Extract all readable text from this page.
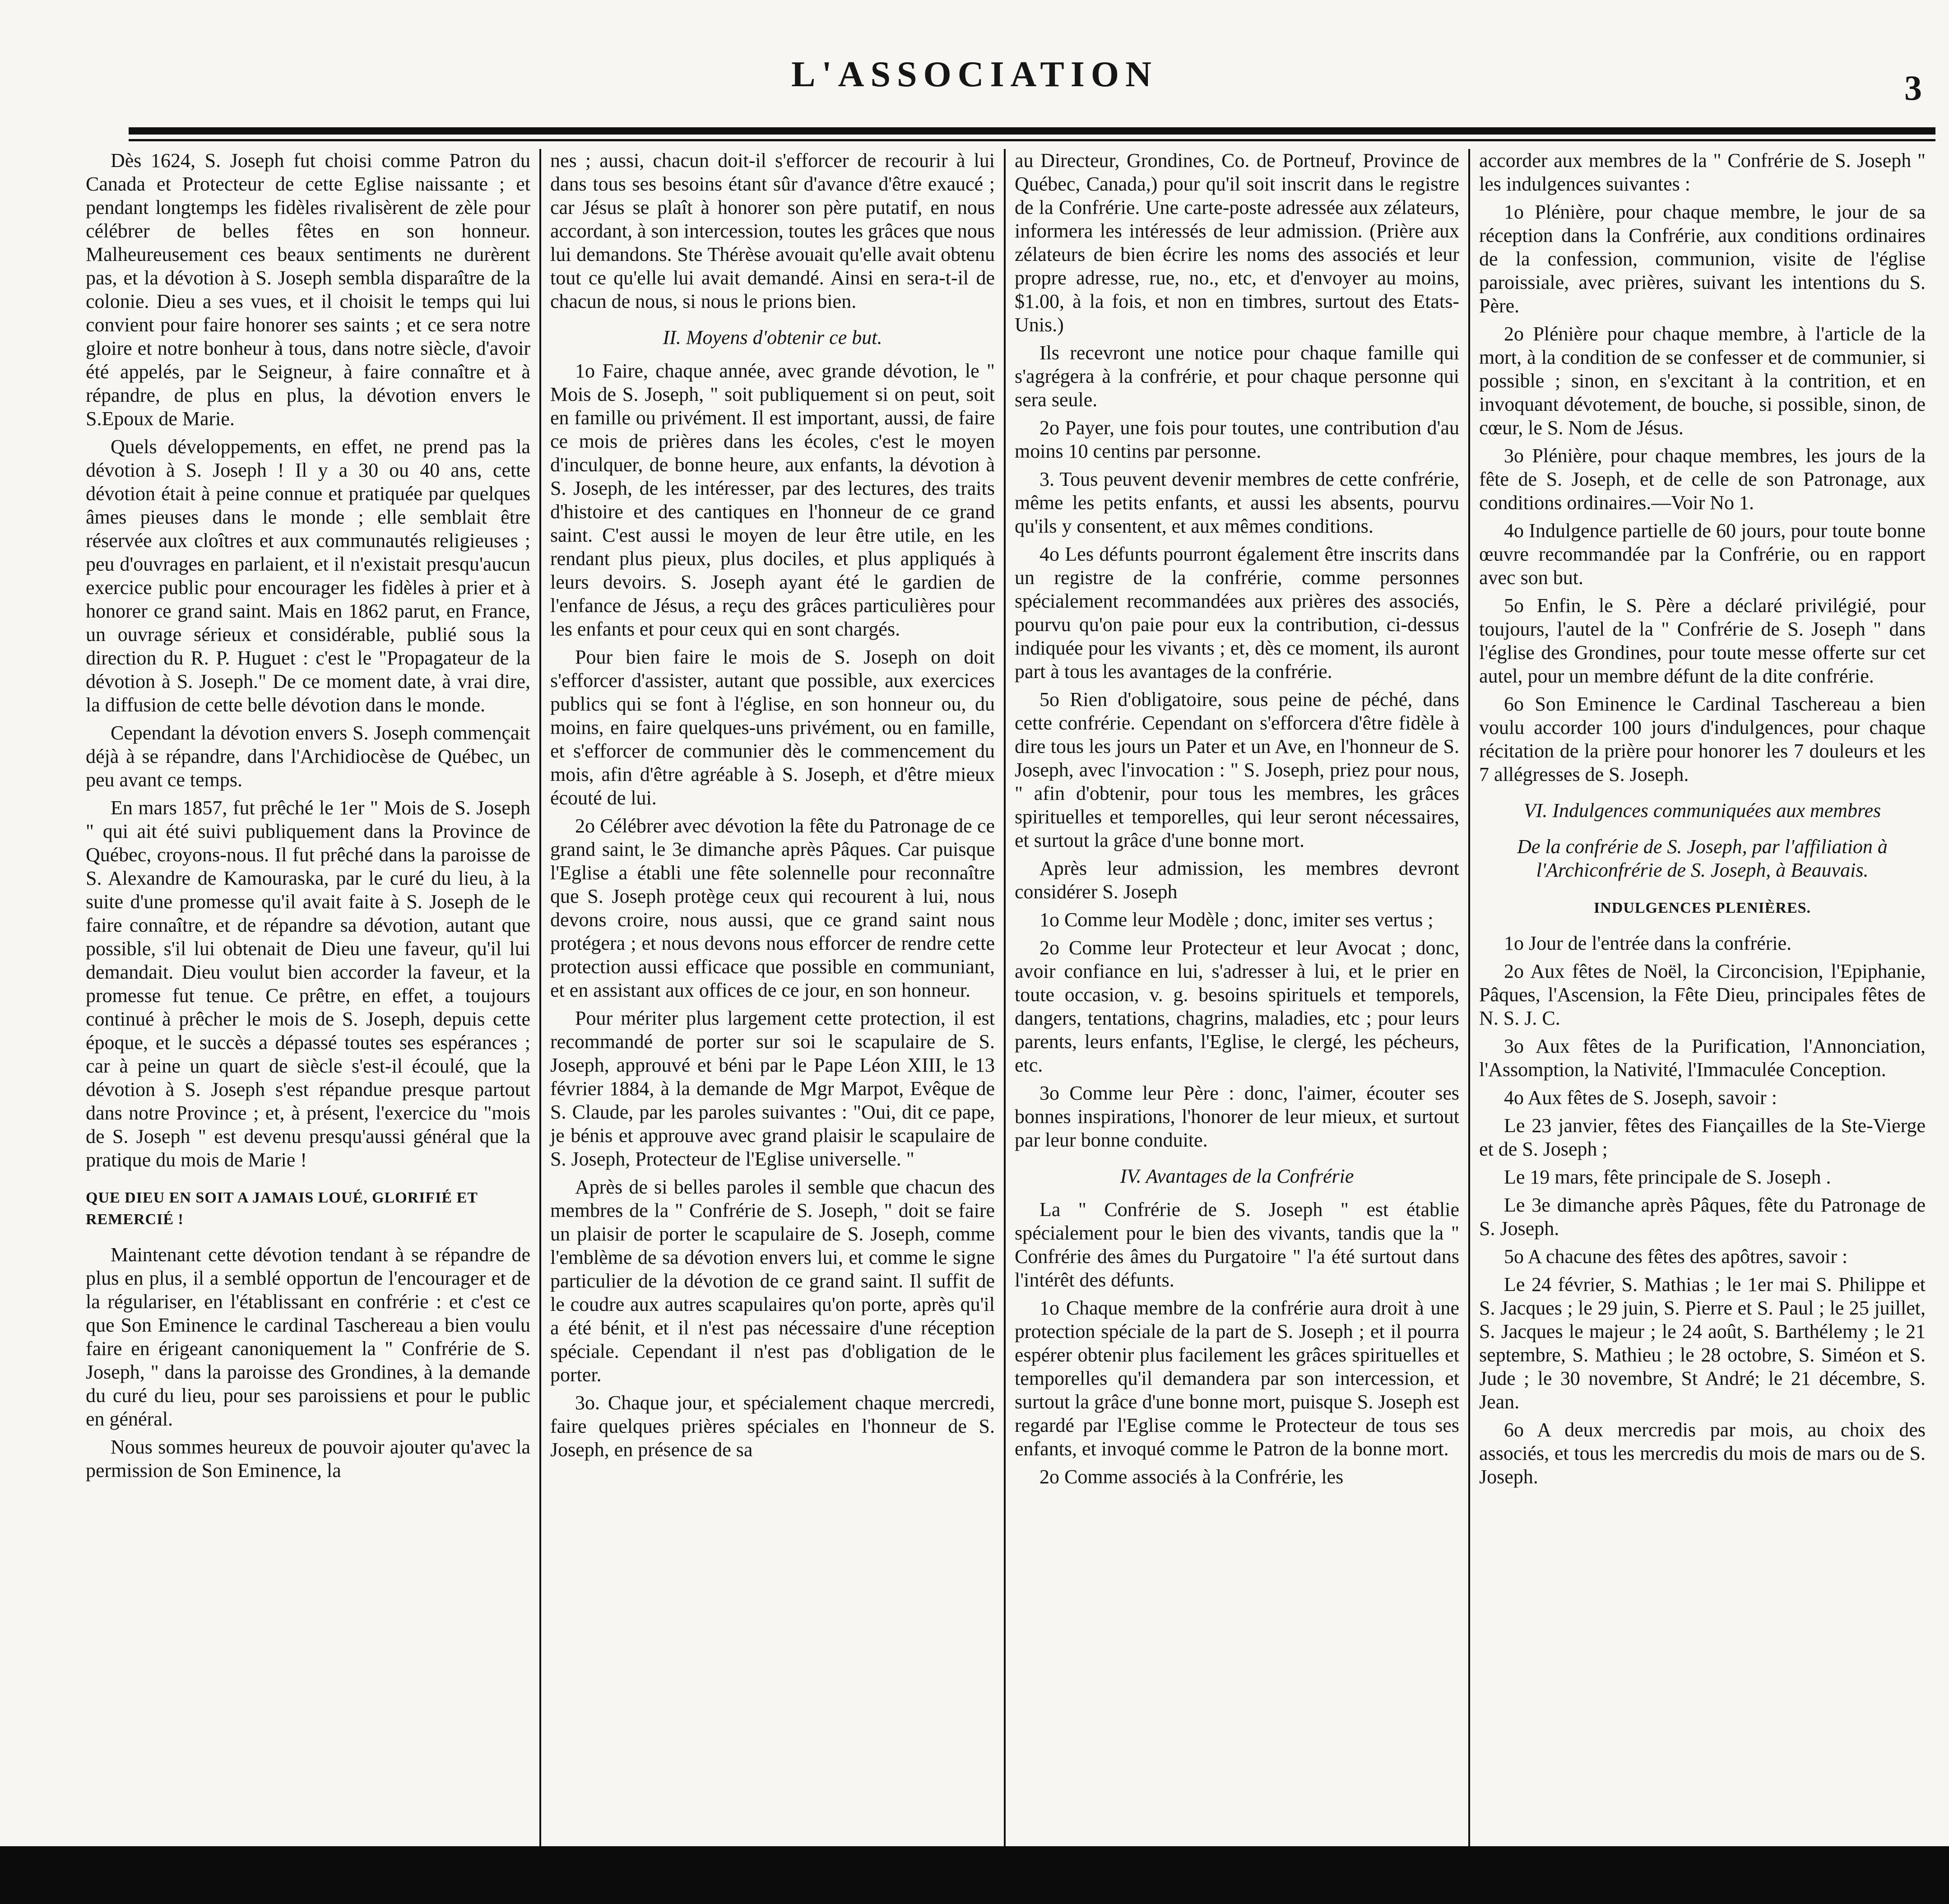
L'ASSOCIATION	3

Dès 1624, S. Joseph fut choisi comme Patron du Canada et Protecteur de cette Eglise naissante ; et pendant longtemps les fidèles rivalisèrent de zèle pour célébrer de belles fêtes en son honneur. Malheureusement ces beaux sentiments ne durèrent pas, et la dévotion à S. Joseph sembla disparaître de la colonie. Dieu a ses vues, et il choisit le temps qui lui convient pour faire honorer ses saints ; et ce sera notre gloire et notre bonheur à tous, dans notre siècle, d'avoir été appelés, par le Seigneur, à faire connaître et à répandre, de plus en plus, la dévotion envers le S.Epoux de Marie.

Quels développements, en effet, ne prend pas la dévotion à S. Joseph ! Il y a 30 ou 40 ans, cette dévotion était à peine connue et pratiquée par quelques âmes pieuses dans le monde ; elle semblait être réservée aux cloîtres et aux communautés religieuses ; peu d'ouvrages en parlaient, et il n'existait presqu'aucun exercice public pour encourager les fidèles à prier et à honorer ce grand saint. Mais en 1862 parut, en France, un ouvrage sérieux et considérable, publié sous la direction du R. P. Huguet : c'est le "Propagateur de la dévotion à S. Joseph." De ce moment date, à vrai dire, la diffusion de cette belle dévotion dans le monde.

Cependant la dévotion envers S. Joseph commençait déjà à se répandre, dans l'Archidiocèse de Québec, un peu avant ce temps.

En mars 1857, fut prêché le 1er " Mois de S. Joseph " qui ait été suivi publiquement dans la Province de Québec, croyons-nous. Il fut prêché dans la paroisse de S. Alexandre de Kamouraska, par le curé du lieu, à la suite d'une promesse qu'il avait faite à S. Joseph de le faire connaître, et de répandre sa dévotion, autant que possible, s'il lui obtenait de Dieu une faveur, qu'il lui demandait. Dieu voulut bien accorder la faveur, et la promesse fut tenue. Ce prêtre, en effet, a toujours continué à prêcher le mois de S. Joseph, depuis cette époque, et le succès a dépassé toutes ses espérances ; car à peine un quart de siècle s'est-il écoulé, que la dévotion à S. Joseph s'est répandue presque partout dans notre Province ; et, à présent, l'exercice du "mois de S. Joseph " est devenu presqu'aussi général que la pratique du mois de Marie !

QUE DIEU EN SOIT A JAMAIS LOUÉ, GLORIFIÉ ET REMERCIÉ !

Maintenant cette dévotion tendant à se répandre de plus en plus, il a semblé opportun de l'encourager et de la régulariser, en l'établissant en confrérie : et c'est ce que Son Eminence le cardinal Taschereau a bien voulu faire en érigeant canoniquement la " Confrérie de S. Joseph, " dans la paroisse des Grondines, à la demande du curé du lieu, pour ses paroissiens et pour le public en général.

Nous sommes heureux de pouvoir ajouter qu'avec la permission de Son Eminence, la

nes ; aussi, chacun doit-il s'efforcer de recourir à lui dans tous ses besoins étant sûr d'avance d'être exaucé ; car Jésus se plaît à honorer son père putatif, en nous accordant, à son intercession, toutes les grâces que nous lui demandons. Ste Thérèse avouait qu'elle avait obtenu tout ce qu'elle lui avait demandé. Ainsi en sera-t-il de chacun de nous, si nous le prions bien.

II. Moyens d'obtenir ce but.

1o Faire, chaque année, avec grande dévotion, le " Mois de S. Joseph, " soit publiquement si on peut, soit en famille ou privément. Il est important, aussi, de faire ce mois de prières dans les écoles, c'est le moyen d'inculquer, de bonne heure, aux enfants, la dévotion à S. Joseph, de les intéresser, par des lectures, des traits d'histoire et des cantiques en l'honneur de ce grand saint. C'est aussi le moyen de leur être utile, en les rendant plus pieux, plus dociles, et plus appliqués à leurs devoirs. S. Joseph ayant été le gardien de l'enfance de Jésus, a reçu des grâces particulières pour les enfants et pour ceux qui en sont chargés.

Pour bien faire le mois de S. Joseph on doit s'efforcer d'assister, autant que possible, aux exercices publics qui se font à l'église, en son honneur ou, du moins, en faire quelques-uns privément, ou en famille, et s'efforcer de communier dès le commencement du mois, afin d'être agréable à S. Joseph, et d'être mieux écouté de lui.

2o Célébrer avec dévotion la fête du Patronage de ce grand saint, le 3e dimanche après Pâques. Car puisque l'Eglise a établi une fête solennelle pour reconnaître que S. Joseph protège ceux qui recourent à lui, nous devons croire, nous aussi, que ce grand saint nous protégera ; et nous devons nous efforcer de rendre cette protection aussi efficace que possible en communiant, et en assistant aux offices de ce jour, en son honneur.

Pour mériter plus largement cette protection, il est recommandé de porter sur soi le scapulaire de S. Joseph, approuvé et béni par le Pape Léon XIII, le 13 février 1884, à la demande de Mgr Marpot, Evêque de S. Claude, par les paroles suivantes : "Oui, dit ce pape, je bénis et approuve avec grand plaisir le scapulaire de S. Joseph, Protecteur de l'Eglise universelle. "

Après de si belles paroles il semble que chacun des membres de la " Confrérie de S. Joseph, " doit se faire un plaisir de porter le scapulaire de S. Joseph, comme l'emblème de sa dévotion envers lui, et comme le signe particulier de la dévotion de ce grand saint. Il suffit de le coudre aux autres scapulaires qu'on porte, après qu'il a été bénit, et il n'est pas nécessaire d'une réception spéciale. Cependant il n'est pas d'obligation de le porter.

3o. Chaque jour, et spécialement chaque mercredi, faire quelques prières spéciales en l'honneur de S. Joseph, en présence de sa

au Directeur, Grondines, Co. de Portneuf, Province de Québec, Canada,) pour qu'il soit inscrit dans le registre de la Confrérie. Une carte-poste adressée aux zélateurs, informera les intéressés de leur admission. (Prière aux zélateurs de bien écrire les noms des associés et leur propre adresse, rue, no., etc, et d'envoyer au moins, $1.00, à la fois, et non en timbres, surtout des Etats-Unis.)

Ils recevront une notice pour chaque famille qui s'agrégera à la confrérie, et pour chaque personne qui sera seule.

2o Payer, une fois pour toutes, une contribution d'au moins 10 centins par personne.

3. Tous peuvent devenir membres de cette confrérie, même les petits enfants, et aussi les absents, pourvu qu'ils y consentent, et aux mêmes conditions.

4o Les défunts pourront également être inscrits dans un registre de la confrérie, comme personnes spécialement recommandées aux prières des associés, pourvu qu'on paie pour eux la contribution, ci-dessus indiquée pour les vivants ; et, dès ce moment, ils auront part à tous les avantages de la confrérie.

5o Rien d'obligatoire, sous peine de péché, dans cette confrérie. Cependant on s'efforcera d'être fidèle à dire tous les jours un Pater et un Ave, en l'honneur de S. Joseph, avec l'invocation : " S. Joseph, priez pour nous, " afin d'obtenir, pour tous les membres, les grâces spirituelles et temporelles, qui leur seront nécessaires, et surtout la grâce d'une bonne mort.

Après leur admission, les membres devront considérer S. Joseph

1o Comme leur Modèle ; donc, imiter ses vertus ;

2o Comme leur Protecteur et leur Avocat ; donc, avoir confiance en lui, s'adresser à lui, et le prier en toute occasion, v. g. besoins spirituels et temporels, dangers, tentations, chagrins, maladies, etc ; pour leurs parents, leurs enfants, l'Eglise, le clergé, les pécheurs, etc.

3o Comme leur Père : donc, l'aimer, écouter ses bonnes inspirations, l'honorer de leur mieux, et surtout par leur bonne conduite.

IV. Avantages de la Confrérie

La " Confrérie de S. Joseph " est établie spécialement pour le bien des vivants, tandis que la " Confrérie des âmes du Purgatoire " l'a été surtout dans l'intérêt des défunts.

1o Chaque membre de la confrérie aura droit à une protection spéciale de la part de S. Joseph ; et il pourra espérer obtenir plus facilement les grâces spirituelles et temporelles qu'il demandera par son intercession, et surtout la grâce d'une bonne mort, puisque S. Joseph est regardé par l'Eglise comme le Protecteur de tous ses enfants, et invoqué comme le Patron de la bonne mort.

2o Comme associés à la Confrérie, les

accorder aux membres de la " Confrérie de S. Joseph " les indulgences suivantes :

1o Plénière, pour chaque membre, le jour de sa réception dans la Confrérie, aux conditions ordinaires de la confession, communion, visite de l'église paroissiale, avec prières, suivant les intentions du S. Père.

2o Plénière pour chaque membre, à l'article de la mort, à la condition de se confesser et de communier, si possible ; sinon, en s'excitant à la contrition, et en invoquant dévotement, de bouche, si possible, sinon, de cœur, le S. Nom de Jésus.

3o Plénière, pour chaque membres, les jours de la fête de S. Joseph, et de celle de son Patronage, aux conditions ordinaires.—Voir No 1.

4o Indulgence partielle de 60 jours, pour toute bonne œuvre recommandée par la Confrérie, ou en rapport avec son but.

5o Enfin, le S. Père a déclaré privilégié, pour toujours, l'autel de la " Confrérie de S. Joseph " dans l'église des Grondines, pour toute messe offerte sur cet autel, pour un membre défunt de la dite confrérie.

6o Son Eminence le Cardinal Taschereau a bien voulu accorder 100 jours d'indulgences, pour chaque récitation de la prière pour honorer les 7 douleurs et les 7 allégresses de S. Joseph.

VI. Indulgences communiquées aux membres
De la confrérie de S. Joseph, par l'affiliation à l'Archiconfrérie de S. Joseph, à Beauvais.
INDULGENCES PLENIÈRES.

1o Jour de l'entrée dans la confrérie.

2o Aux fêtes de Noël, la Circoncision, l'Epiphanie, Pâques, l'Ascension, la Fête Dieu, principales fêtes de N. S. J. C.

3o Aux fêtes de la Purification, l'Annonciation, l'Assomption, la Nativité, l'Immaculée Conception.

4o Aux fêtes de S. Joseph, savoir :

Le 23 janvier, fêtes des Fiançailles de la Ste-Vierge et de S. Joseph ;

Le 19 mars, fête principale de S. Joseph .

Le 3e dimanche après Pâques, fête du Patronage de S. Joseph.

5o A chacune des fêtes des apôtres, savoir :

Le 24 février, S. Mathias ; le 1er mai S. Philippe et S. Jacques ; le 29 juin, S. Pierre et S. Paul ; le 25 juillet, S. Jacques le majeur ; le 24 août, S. Barthélemy ; le 21 septembre, S. Mathieu ; le 28 octobre, S. Siméon et S. Jude ; le 30 novembre, St André; le 21 décembre, S. Jean.

6o A deux mercredis par mois, au choix des associés, et tous les mercredis du mois de mars ou de S. Joseph.
